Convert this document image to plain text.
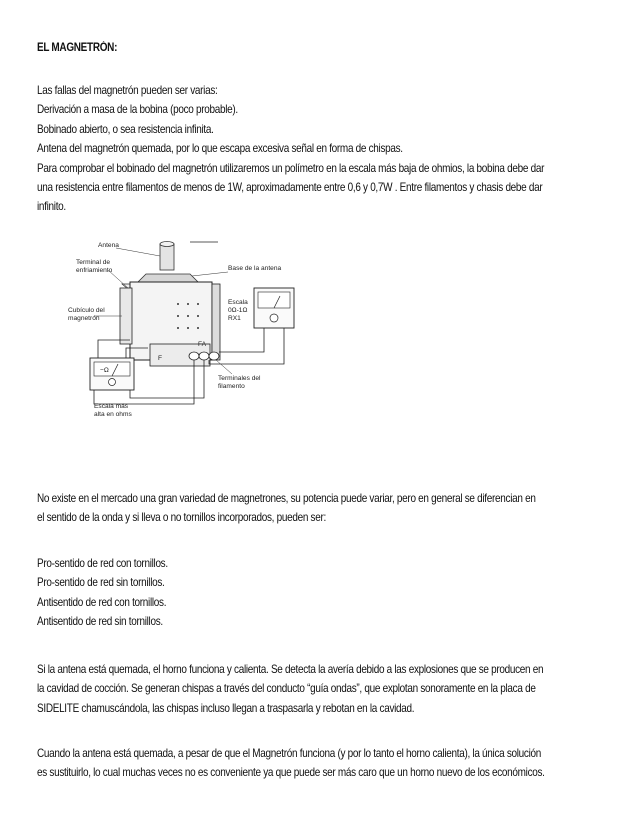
EL MAGNETRÓN:
Las fallas del magnetrón pueden ser varias:
Derivación a masa de la bobina (poco probable).
Bobinado abierto, o sea resistencia infinita.
Antena del magnetrón quemada, por lo que escapa excesiva señal en forma de chispas.
Para comprobar el bobinado del magnetrón utilizaremos un polímetro en la escala más baja de ohmios, la bobina debe dar
una resistencia entre filamentos de menos de 1W, aproximadamente entre 0,6 y 0,7W . Entre filamentos y chasis debe dar
infinito.
Antena
Terminal de
enfriamiento	Base de la antena
Cubículo del
magnetrón
Escala
0Ω-1Ω
RX1
F
FA
−Ω
Escala más
alta en ohms
Terminales del
filamento
No existe en el mercado una gran variedad de magnetrones, su potencia puede variar, pero en general se diferencian en
el sentido de la onda y si lleva o no tornillos incorporados, pueden ser:
Pro-sentido de red con tornillos.
Pro-sentido de red sin tornillos.
Antisentido de red con tornillos.
Antisentido de red sin tornillos.
Si la antena está quemada, el horno funciona y calienta. Se detecta la avería debido a las explosiones que se producen en
la cavidad de cocción. Se generan chispas a través del conducto “guía ondas”, que explotan sonoramente en la placa de
SIDELITE chamuscándola, las chispas incluso llegan a traspasarla y rebotan en la cavidad.
Cuando la antena está quemada, a pesar de que el Magnetrón funciona (y por lo tanto el horno calienta), la única solución
es sustituirlo, lo cual muchas veces no es conveniente ya que puede ser más caro que un horno nuevo de los económicos.
